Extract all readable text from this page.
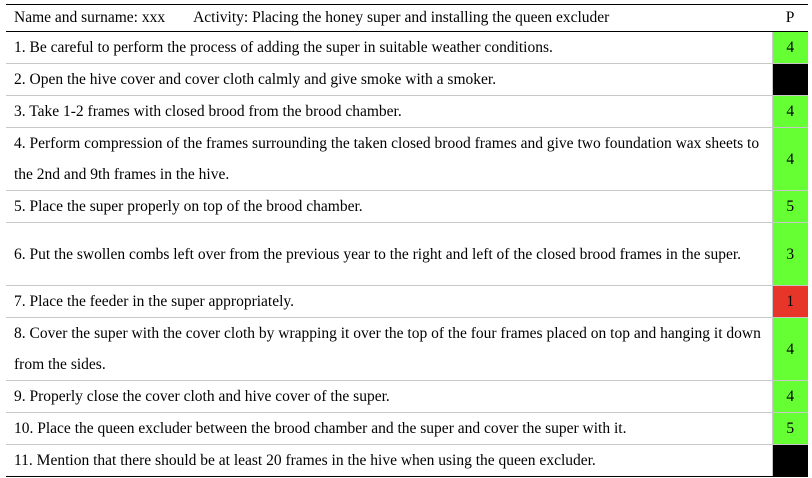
Name and surname: xxx Activity: Placing the honey super and installing the queen excluder	P
1. Be careful to perform the process of adding the super in suitable weather conditions.	4
2. Open the hive cover and cover cloth calmly and give smoke with a smoker.	
3. Take 1-2 frames with closed brood from the brood chamber.	4
4. Perform compression of the frames surrounding the taken closed brood frames and give two foundation wax sheets to the 2nd and 9th frames in the hive.	4
5. Place the super properly on top of the brood chamber.	5
6. Put the swollen combs left over from the previous year to the right and left of the closed brood frames in the super.	3
7. Place the feeder in the super appropriately.	1
8. Cover the super with the cover cloth by wrapping it over the top of the four frames placed on top and hanging it down from the sides.	4
9. Properly close the cover cloth and hive cover of the super.	4
10. Place the queen excluder between the brood chamber and the super and cover the super with it.	5
11. Mention that there should be at least 20 frames in the hive when using the queen excluder.	
